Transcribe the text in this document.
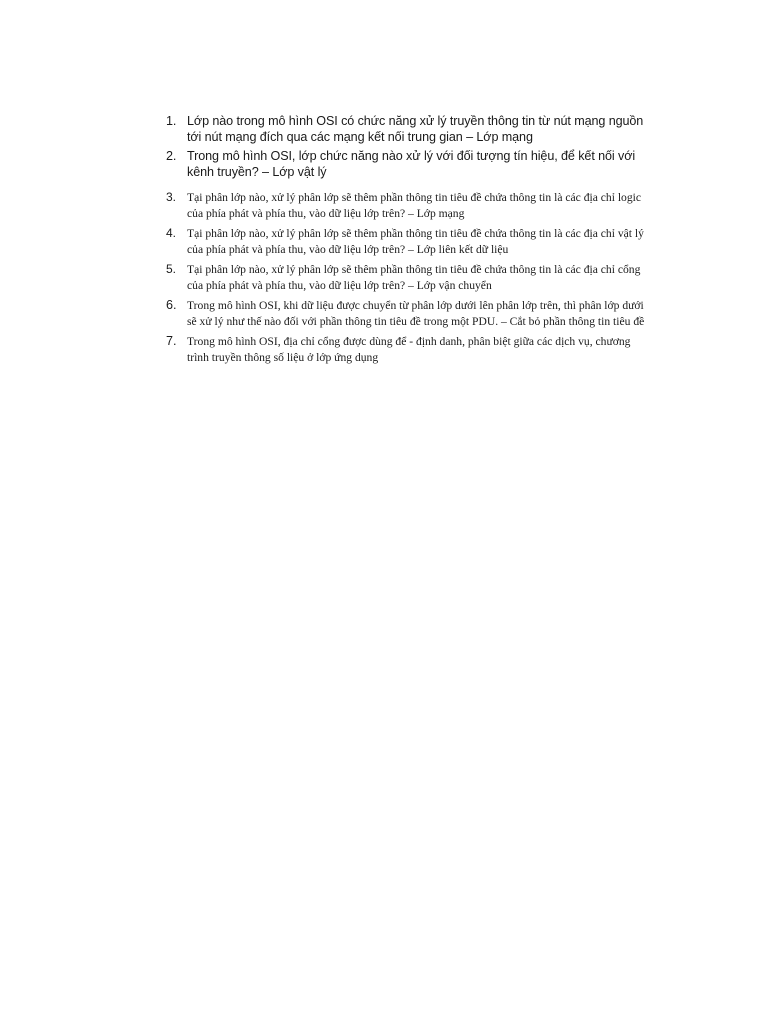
1. Lớp nào trong mô hình OSI có chức năng xử lý truyền thông tin từ nút mạng nguồn tới nút mạng đích qua các mạng kết nối trung gian – Lớp mạng
2. Trong mô hình OSI, lớp chức năng nào xử lý với đối tượng tín hiệu, để kết nối với kênh truyền? – Lớp vật lý
3. Tại phân lớp nào, xử lý phân lớp sẽ thêm phần thông tin tiêu đề chứa thông tin là các địa chỉ logic của phía phát và phía thu, vào dữ liệu lớp trên? – Lớp mạng
4. Tại phân lớp nào, xử lý phân lớp sẽ thêm phần thông tin tiêu đề chứa thông tin là các địa chỉ vật lý của phía phát và phía thu, vào dữ liệu lớp trên? – Lớp liên kết dữ liệu
5. Tại phân lớp nào, xử lý phân lớp sẽ thêm phần thông tin tiêu đề chứa thông tin là các địa chỉ cổng của phía phát và phía thu, vào dữ liệu lớp trên? – Lớp vận chuyển
6. Trong mô hình OSI, khi dữ liệu được chuyển từ phân lớp dưới lên phân lớp trên, thì phân lớp dưới sẽ xử lý như thế nào đối với phần thông tin tiêu đề trong một PDU. – Cắt bỏ phần thông tin tiêu đề
7. Trong mô hình OSI, địa chỉ cổng được dùng để - định danh, phân biệt giữa các dịch vụ, chương trình truyền thông số liệu ở lớp ứng dụng
